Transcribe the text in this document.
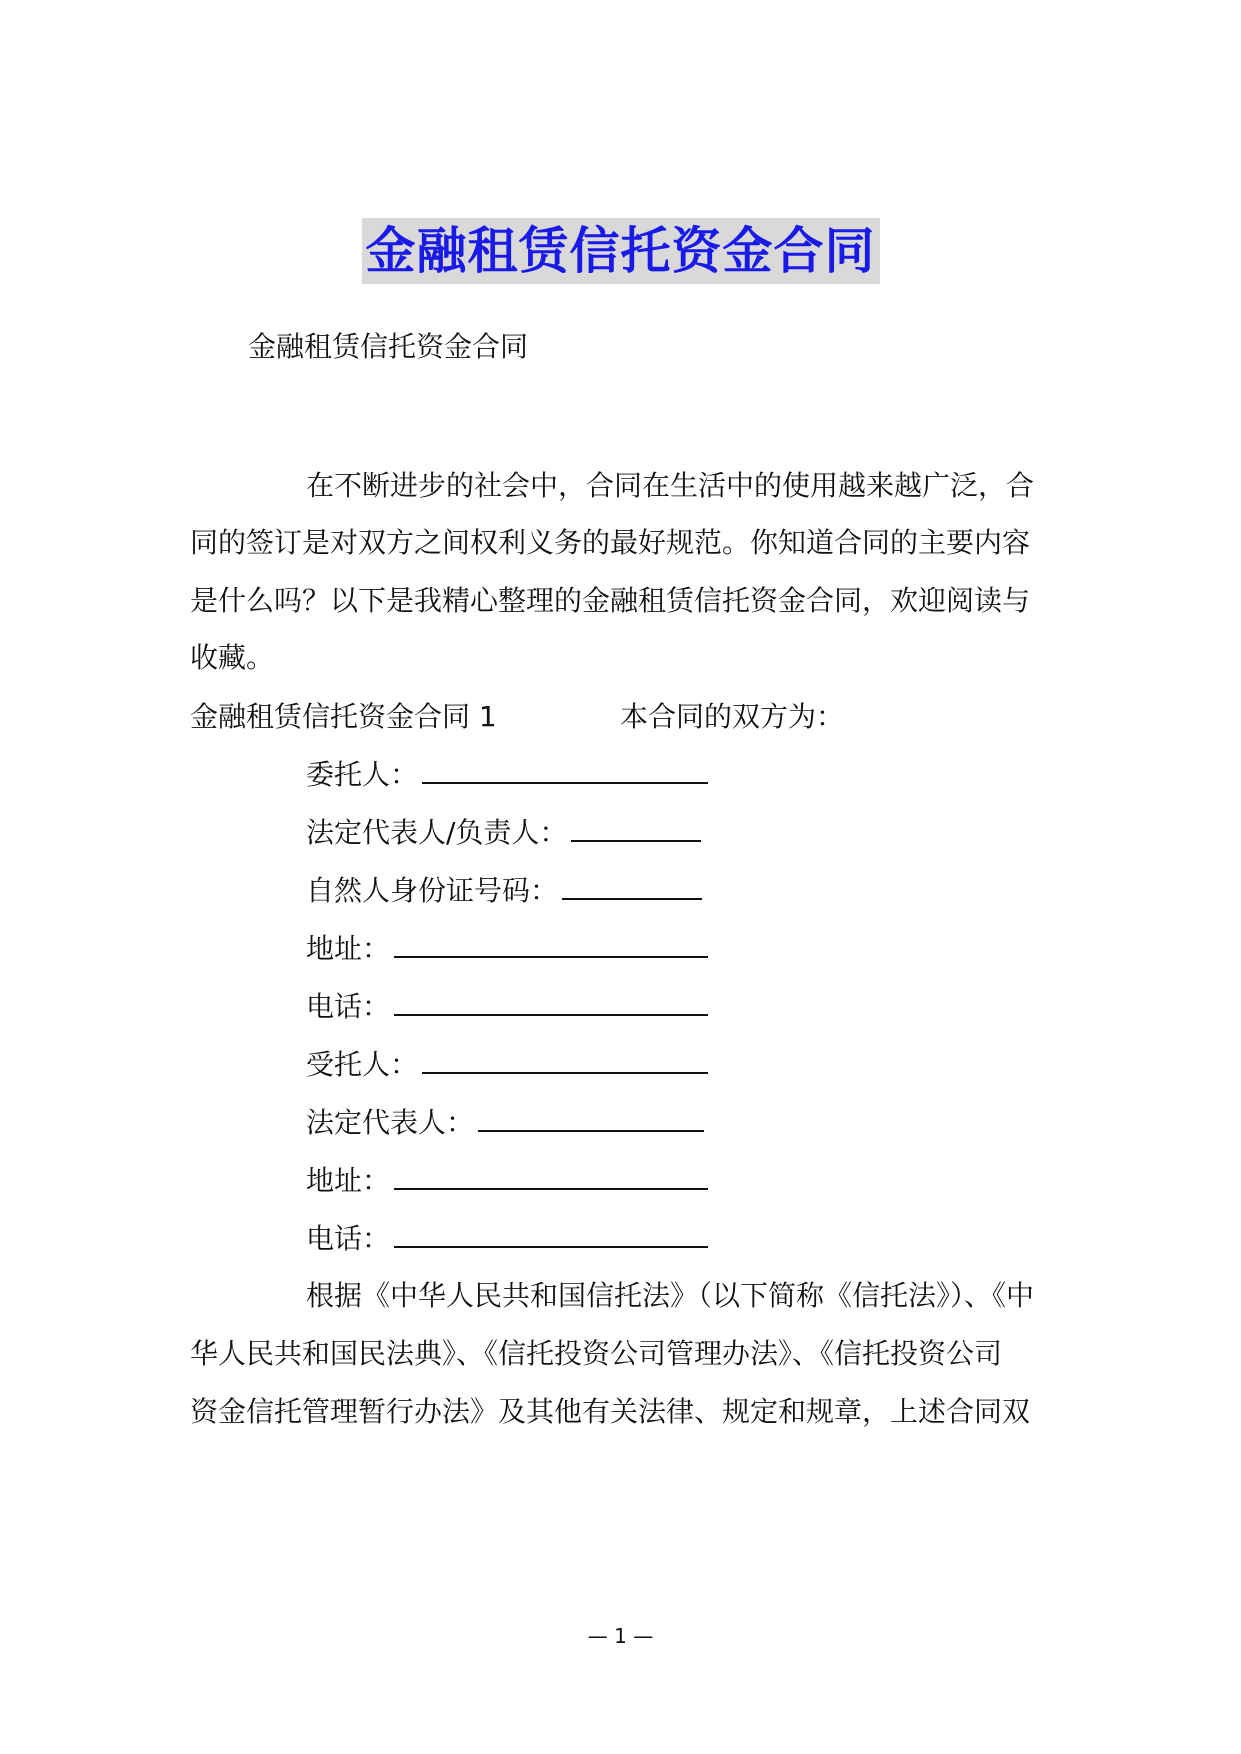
金融租赁信托资金合同
金融租赁信托资金合同
在不断进步的社会中，合同在生活中的使用越来越广泛，合
同的签订是对双方之间权利义务的最好规范。你知道合同的主要内容
是什么吗？以下是我精心整理的金融租赁信托资金合同，欢迎阅读与
收藏。
金融租赁信托资金合同 1	本合同的双方为：
委托人：
法定代表人/负责人：
自然人身份证号码：
地址：
电话：
受托人：
法定代表人：
地址：
电话：
根据《中华人民共和国信托法》（以下简称《信托法》）、《中
华人民共和国民法典》、《信托投资公司管理办法》、《信托投资公司
资金信托管理暂行办法》及其他有关法律、规定和规章，上述合同双
— 1 —
